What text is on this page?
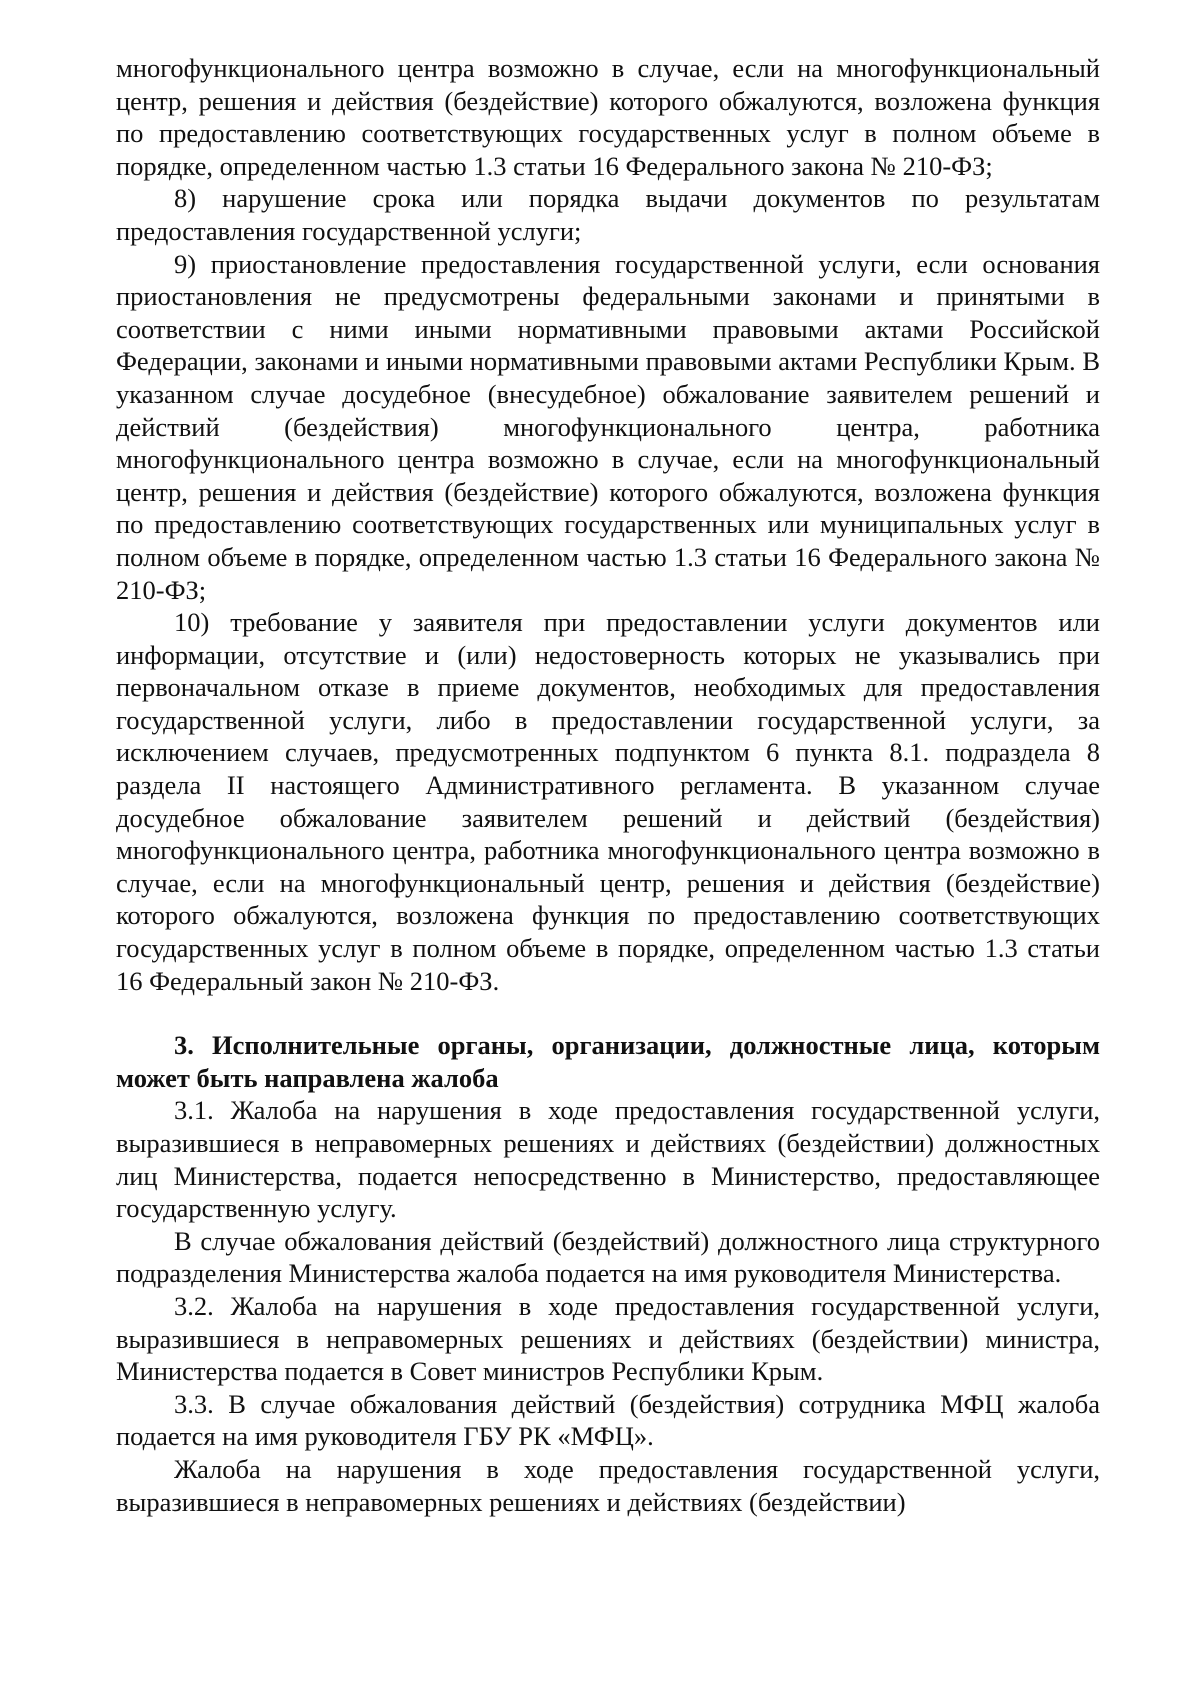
многофункционального центра возможно в случае, если на многофункциональный центр, решения и действия (бездействие) которого обжалуются, возложена функция по предоставлению соответствующих государственных услуг в полном объеме в порядке, определенном частью 1.3 статьи 16 Федерального закона № 210-ФЗ;

8) нарушение срока или порядка выдачи документов по результатам предоставления государственной услуги;

9) приостановление предоставления государственной услуги, если основания приостановления не предусмотрены федеральными законами и принятыми в соответствии с ними иными нормативными правовыми актами Российской Федерации, законами и иными нормативными правовыми актами Республики Крым. В указанном случае досудебное (внесудебное) обжалование заявителем решений и действий (бездействия) многофункционального центра, работника многофункционального центра возможно в случае, если на многофункциональный центр, решения и действия (бездействие) которого обжалуются, возложена функция по предоставлению соответствующих государственных или муниципальных услуг в полном объеме в порядке, определенном частью 1.3 статьи 16 Федерального закона № 210-ФЗ;

10) требование у заявителя при предоставлении услуги документов или информации, отсутствие и (или) недостоверность которых не указывались при первоначальном отказе в приеме документов, необходимых для предоставления государственной услуги, либо в предоставлении государственной услуги, за исключением случаев, предусмотренных подпунктом 6 пункта 8.1. подраздела 8 раздела II настоящего Административного регламента. В указанном случае досудебное обжалование заявителем решений и действий (бездействия) многофункционального центра, работника многофункционального центра возможно в случае, если на многофункциональный центр, решения и действия (бездействие) которого обжалуются, возложена функция по предоставлению соответствующих государственных услуг в полном объеме в порядке, определенном частью 1.3 статьи 16 Федеральный закон № 210-ФЗ.

3. Исполнительные органы, организации, должностные лица, которым может быть направлена жалоба

3.1. Жалоба на нарушения в ходе предоставления государственной услуги, выразившиеся в неправомерных решениях и действиях (бездействии) должностных лиц Министерства, подается непосредственно в Министерство, предоставляющее государственную услугу.

В случае обжалования действий (бездействий) должностного лица структурного подразделения Министерства жалоба подается на имя руководителя Министерства.

3.2. Жалоба на нарушения в ходе предоставления государственной услуги, выразившиеся в неправомерных решениях и действиях (бездействии) министра, Министерства подается в Совет министров Республики Крым.

3.3. В случае обжалования действий (бездействия) сотрудника МФЦ жалоба подается на имя руководителя ГБУ РК «МФЦ».

Жалоба на нарушения в ходе предоставления государственной услуги, выразившиеся в неправомерных решениях и действиях (бездействии)
